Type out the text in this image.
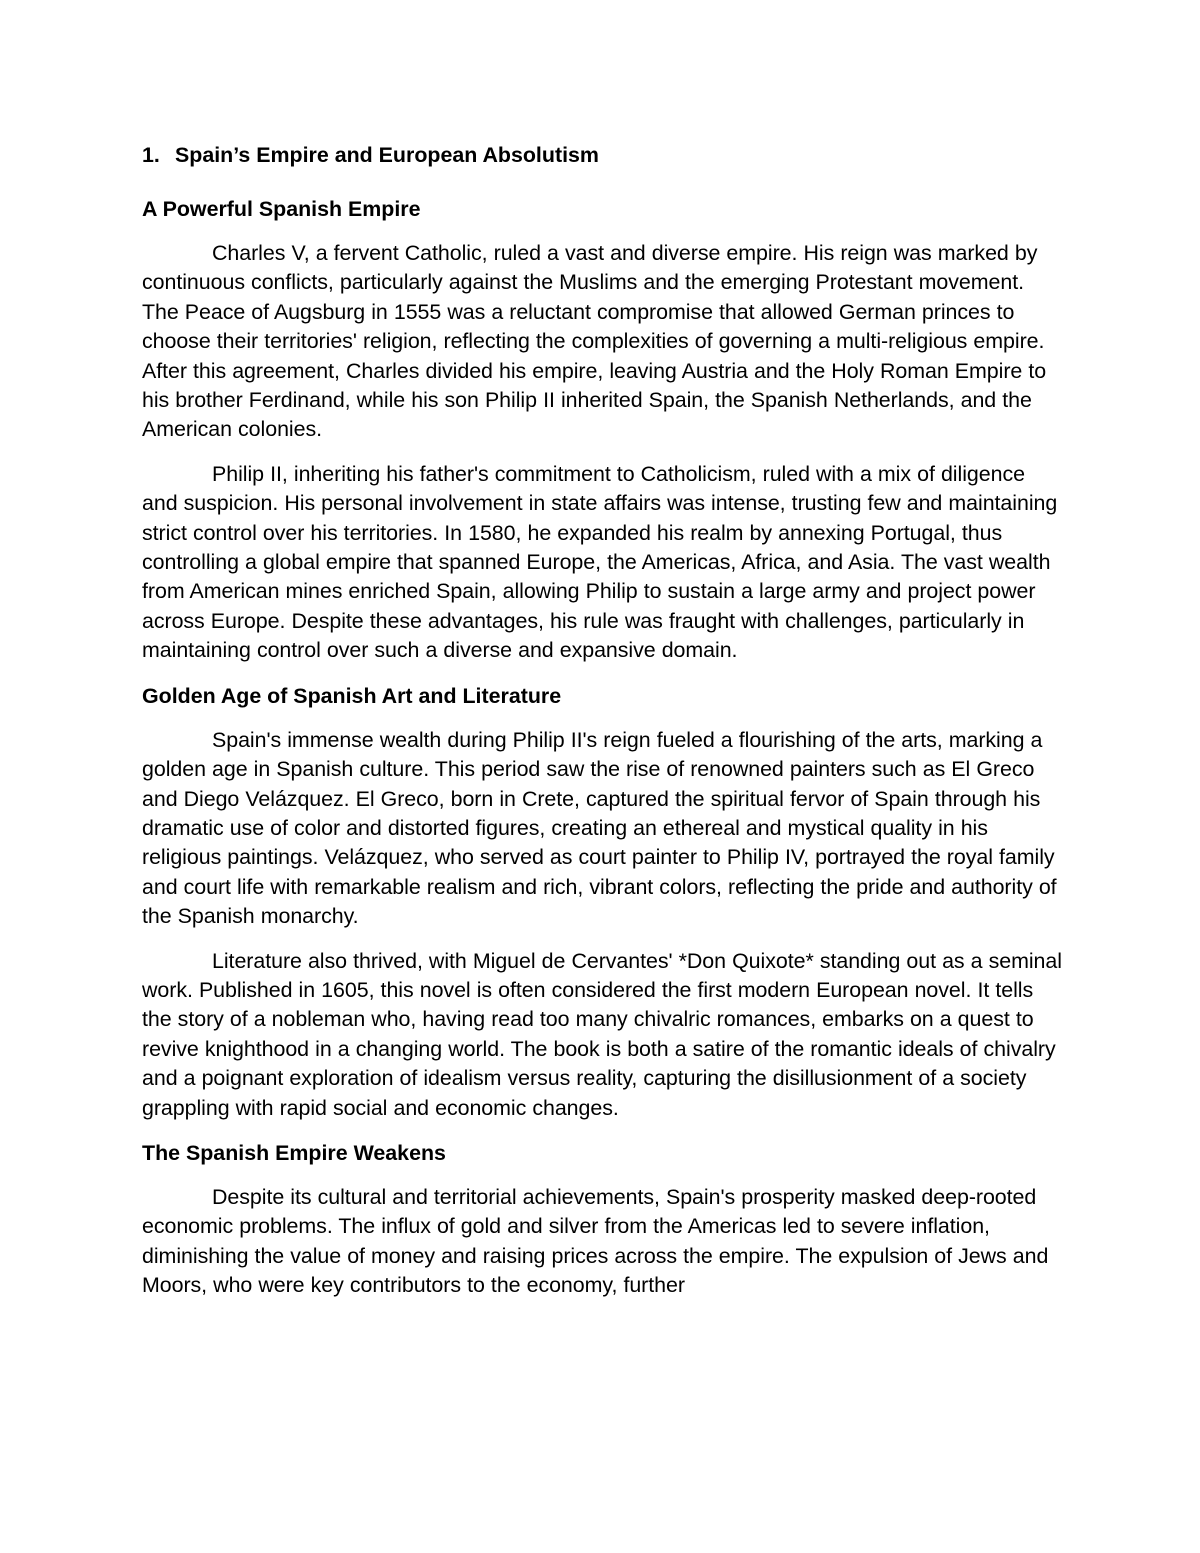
1. Spain’s Empire and European Absolutism
A Powerful Spanish Empire

Charles V, a fervent Catholic, ruled a vast and diverse empire. His reign was marked by continuous conflicts, particularly against the Muslims and the emerging Protestant movement. The Peace of Augsburg in 1555 was a reluctant compromise that allowed German princes to choose their territories' religion, reflecting the complexities of governing a multi-religious empire. After this agreement, Charles divided his empire, leaving Austria and the Holy Roman Empire to his brother Ferdinand, while his son Philip II inherited Spain, the Spanish Netherlands, and the American colonies.

Philip II, inheriting his father's commitment to Catholicism, ruled with a mix of diligence and suspicion. His personal involvement in state affairs was intense, trusting few and maintaining strict control over his territories. In 1580, he expanded his realm by annexing Portugal, thus controlling a global empire that spanned Europe, the Americas, Africa, and Asia. The vast wealth from American mines enriched Spain, allowing Philip to sustain a large army and project power across Europe. Despite these advantages, his rule was fraught with challenges, particularly in maintaining control over such a diverse and expansive domain.

Golden Age of Spanish Art and Literature

Spain's immense wealth during Philip II's reign fueled a flourishing of the arts, marking a golden age in Spanish culture. This period saw the rise of renowned painters such as El Greco and Diego Velázquez. El Greco, born in Crete, captured the spiritual fervor of Spain through his dramatic use of color and distorted figures, creating an ethereal and mystical quality in his religious paintings. Velázquez, who served as court painter to Philip IV, portrayed the royal family and court life with remarkable realism and rich, vibrant colors, reflecting the pride and authority of the Spanish monarchy.

Literature also thrived, with Miguel de Cervantes' *Don Quixote* standing out as a seminal work. Published in 1605, this novel is often considered the first modern European novel. It tells the story of a nobleman who, having read too many chivalric romances, embarks on a quest to revive knighthood in a changing world. The book is both a satire of the romantic ideals of chivalry and a poignant exploration of idealism versus reality, capturing the disillusionment of a society grappling with rapid social and economic changes.

The Spanish Empire Weakens

Despite its cultural and territorial achievements, Spain's prosperity masked deep-rooted economic problems. The influx of gold and silver from the Americas led to severe inflation, diminishing the value of money and raising prices across the empire. The expulsion of Jews and Moors, who were key contributors to the economy, further
